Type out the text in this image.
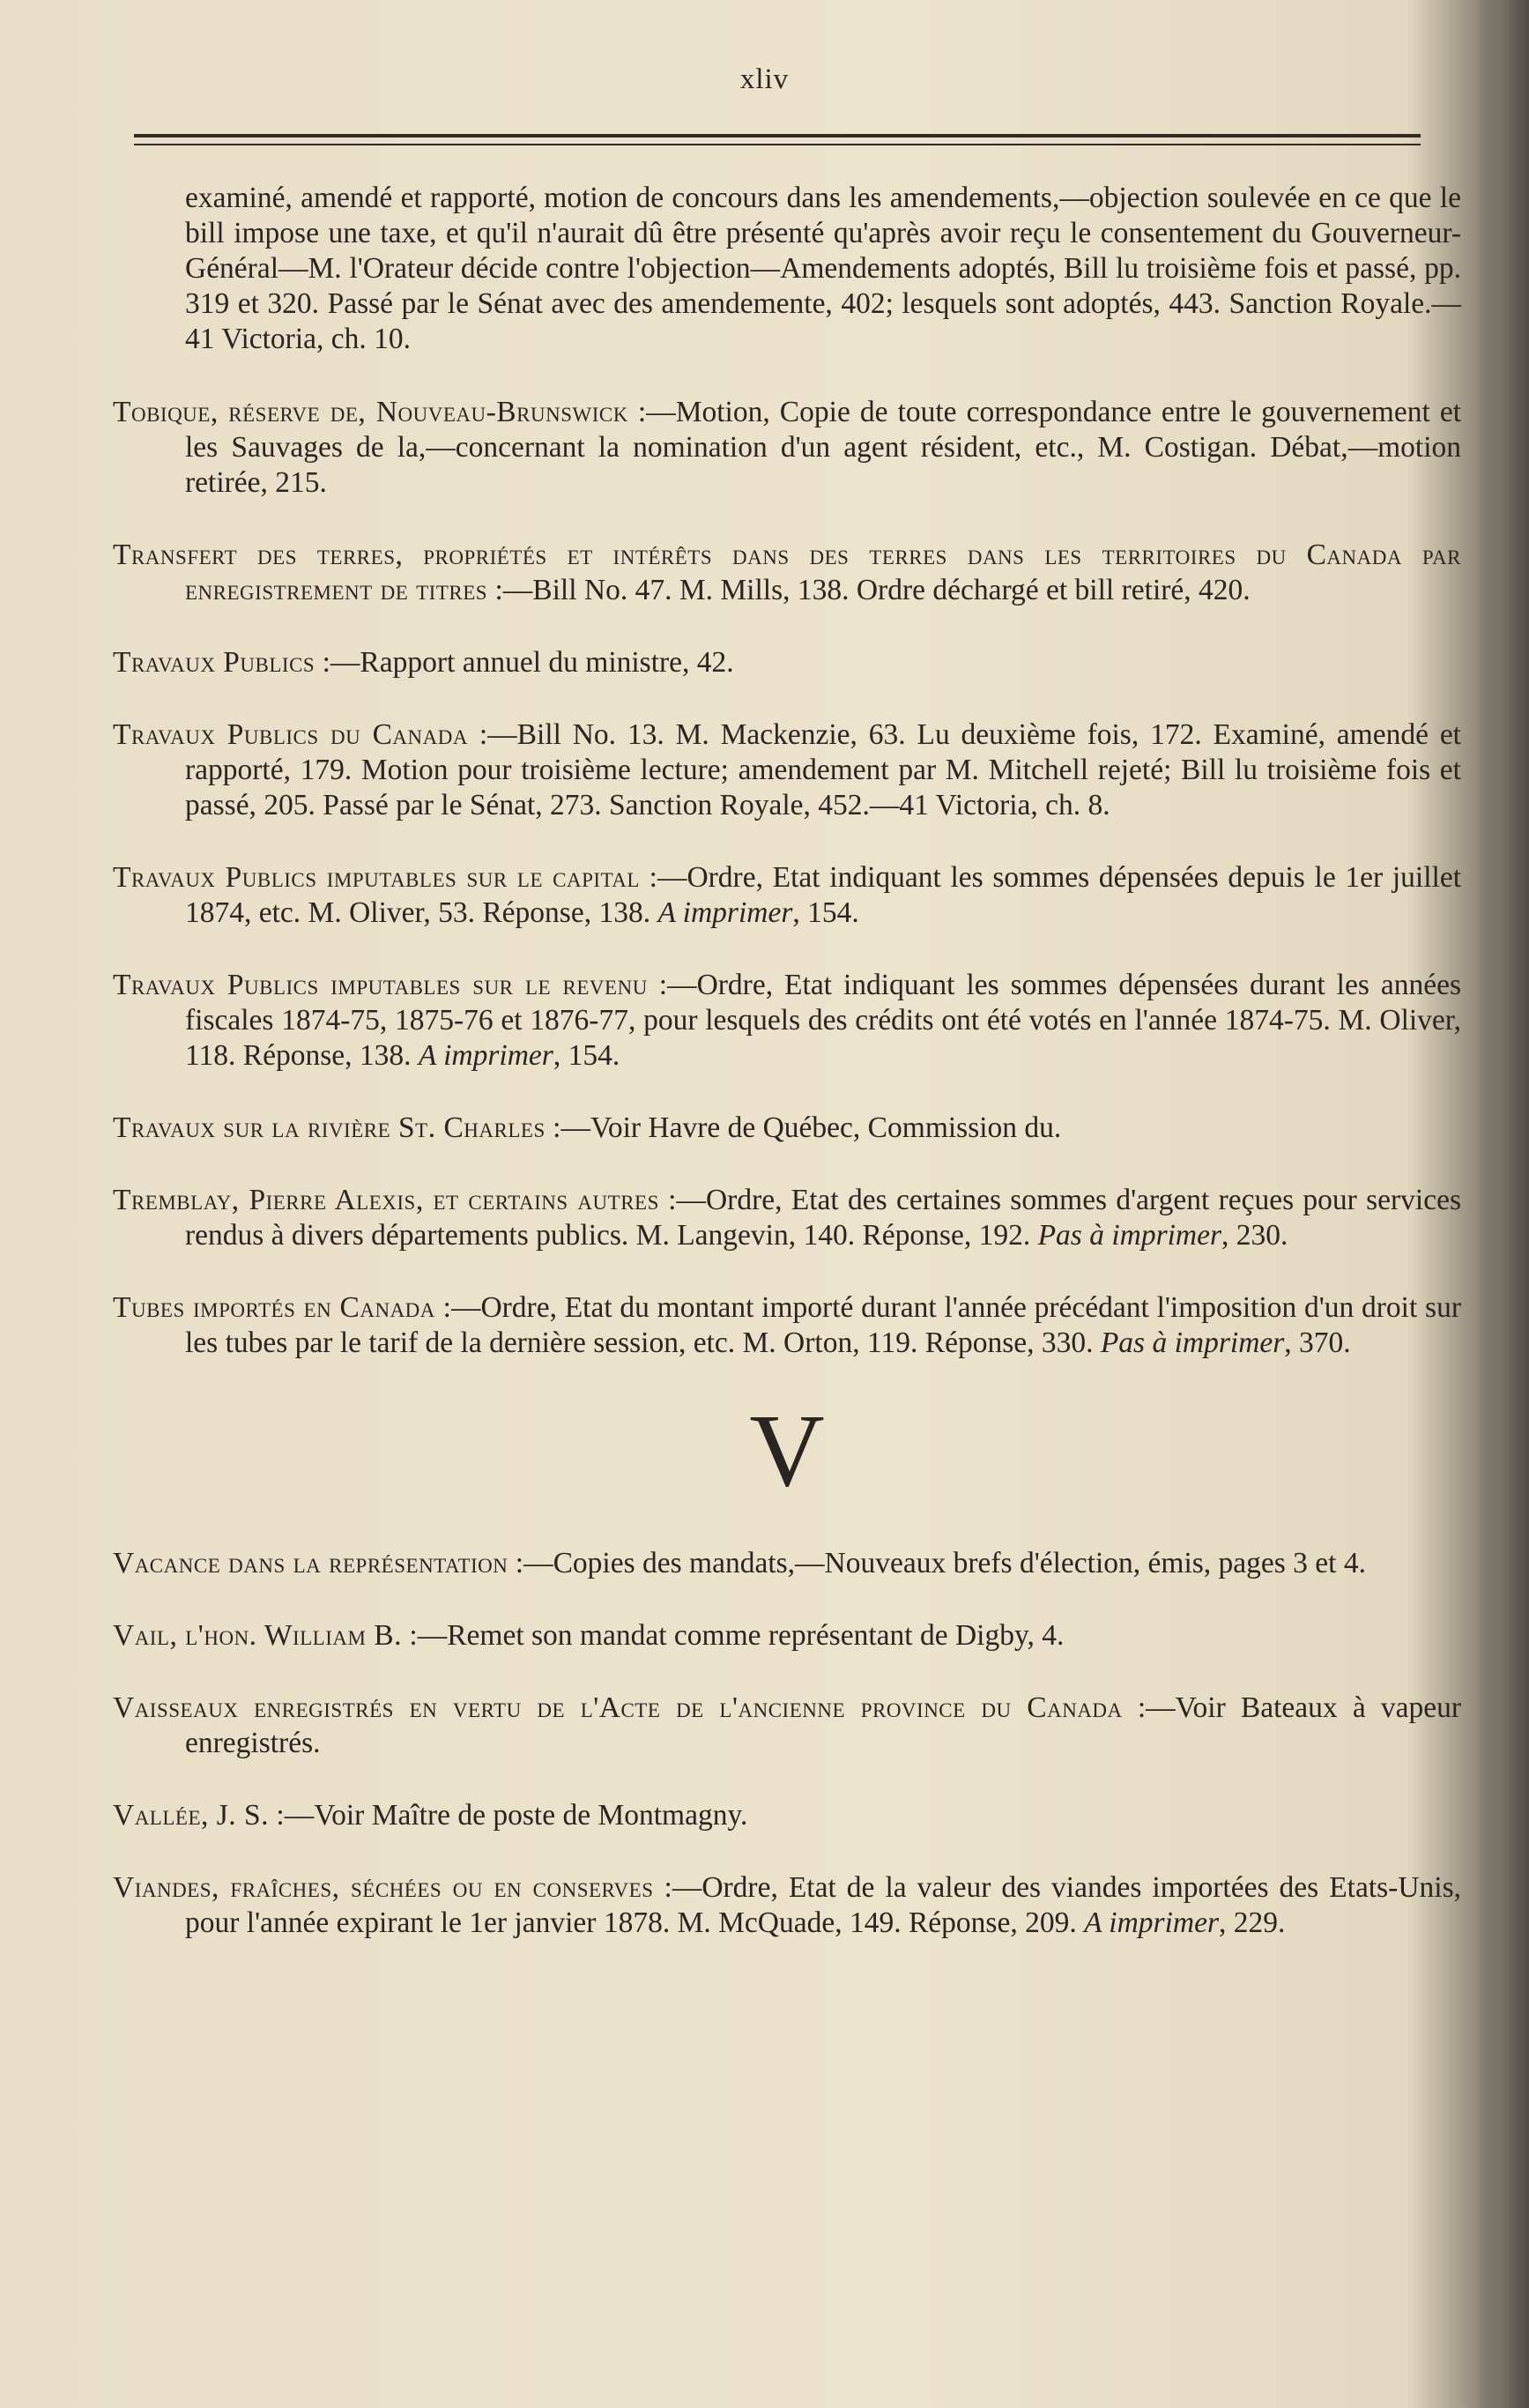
xliv

examiné, amendé et rapporté, motion de concours dans les amendements,—objection soulevée en ce que le bill impose une taxe, et qu'il n'aurait dû être présenté qu'après avoir reçu le consentement du Gouverneur-Général—M. l'Orateur décide contre l'objection—Amendements adoptés, Bill lu troisième fois et passé, pp. 319 et 320. Passé par le Sénat avec des amendemente, 402; lesquels sont adoptés, 443. Sanction Royale.—41 Victoria, ch. 10.

Tobique, réserve de, Nouveau-Brunswick :—Motion, Copie de toute correspondance entre le gouvernement et les Sauvages de la,—concernant la nomination d'un agent résident, etc., M. Costigan. Débat,—motion retirée, 215.

Transfert des terres, propriétés et intérêts dans des terres dans les territoires du Canada par enregistrement de titres :—Bill No. 47. M. Mills, 138. Ordre déchargé et bill retiré, 420.

Travaux Publics :—Rapport annuel du ministre, 42.

Travaux Publics du Canada :—Bill No. 13. M. Mackenzie, 63. Lu deuxième fois, 172. Examiné, amendé et rapporté, 179. Motion pour troisième lecture; amendement par M. Mitchell rejeté; Bill lu troisième fois et passé, 205. Passé par le Sénat, 273. Sanction Royale, 452.—41 Victoria, ch. 8.

Travaux Publics imputables sur le capital :—Ordre, Etat indiquant les sommes dépensées depuis le 1er juillet 1874, etc. M. Oliver, 53. Réponse, 138. A imprimer, 154.

Travaux Publics imputables sur le revenu :—Ordre, Etat indiquant les sommes dépensées durant les années fiscales 1874-75, 1875-76 et 1876-77, pour lesquels des crédits ont été votés en l'année 1874-75. M. Oliver, 118. Réponse, 138. A imprimer, 154.

Travaux sur la rivière St. Charles :—Voir Havre de Québec, Commission du.

Tremblay, Pierre Alexis, et certains autres :—Ordre, Etat des certaines sommes d'argent reçues pour services rendus à divers départements publics. M. Langevin, 140. Réponse, 192. Pas à imprimer, 230.

Tubes importés en Canada :—Ordre, Etat du montant importé durant l'année précédant l'imposition d'un droit sur les tubes par le tarif de la dernière session, etc. M. Orton, 119. Réponse, 330. Pas à imprimer, 370.

V

Vacance dans la représentation :—Copies des mandats,—Nouveaux brefs d'élection, émis, pages 3 et 4.

Vail, l'hon. William B. :—Remet son mandat comme représentant de Digby, 4.

Vaisseaux enregistrés en vertu de l'Acte de l'ancienne province du Canada :—Voir Bateaux à vapeur enregistrés.

Vallée, J. S. :—Voir Maître de poste de Montmagny.

Viandes, fraîches, séchées ou en conserves :—Ordre, Etat de la valeur des viandes importées des Etats-Unis, pour l'année expirant le 1er janvier 1878. M. McQuade, 149. Réponse, 209. A imprimer, 229.
